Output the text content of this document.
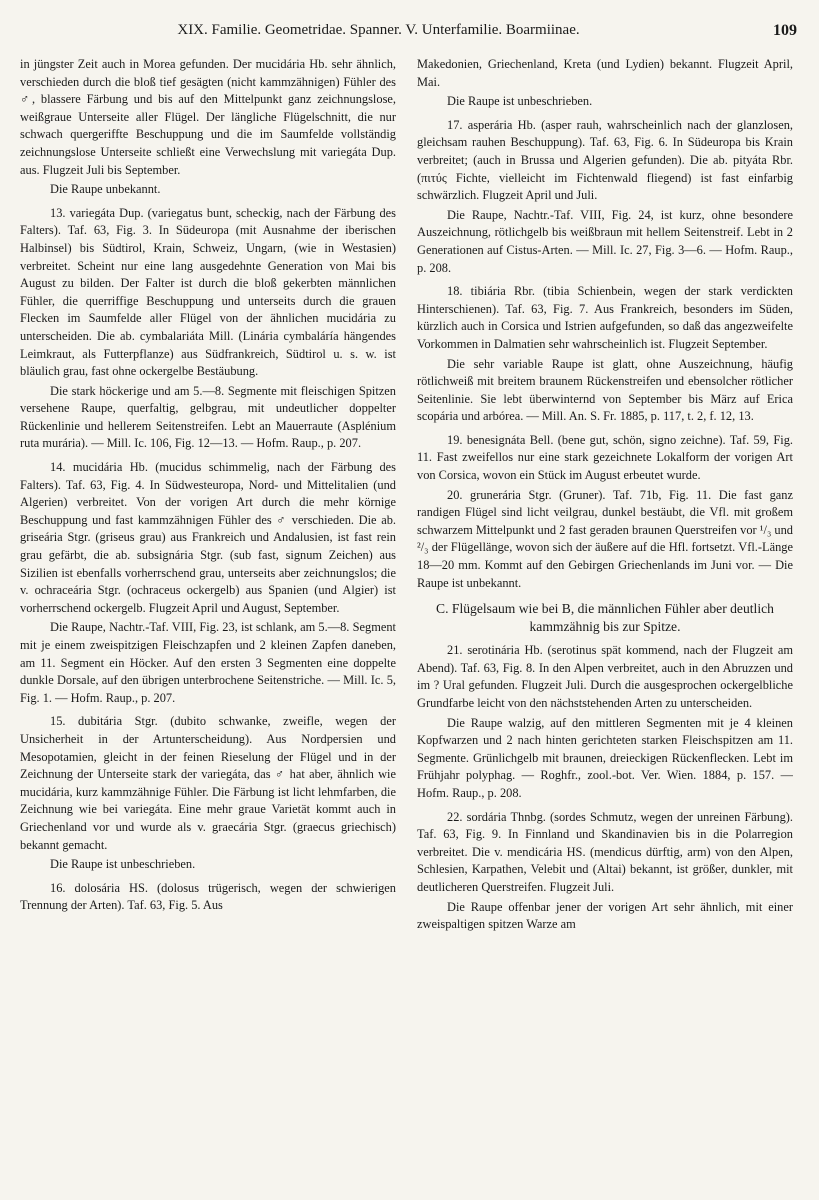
XIX. Familie. Geometridae. Spanner. V. Unterfamilie. Boarmiinae.	109

in jüngster Zeit auch in Morea gefunden. Der mucidária Hb. sehr ähnlich, verschieden durch die bloß tief gesägten (nicht kammzähnigen) Fühler des ♂, blassere Färbung und bis auf den Mittelpunkt ganz zeichnungslose, weißgraue Unterseite aller Flügel. Der längliche Flügelschnitt, die nur schwach quergeriffte Beschuppung und die im Saumfelde vollständig zeichnungslose Unterseite schließt eine Verwechslung mit variegáta Dup. aus. Flugzeit Juli bis September.

Die Raupe unbekannt.

13. variegáta Dup. (variegatus bunt, scheckig, nach der Färbung des Falters). Taf. 63, Fig. 3. In Südeuropa (mit Ausnahme der iberischen Halbinsel) bis Südtirol, Krain, Schweiz, Ungarn, (wie in Westasien) verbreitet. Scheint nur eine lang ausgedehnte Generation von Mai bis August zu bilden. Der Falter ist durch die bloß gekerbten männlichen Fühler, die querriffige Beschuppung und unterseits durch die grauen Flecken im Saumfelde aller Flügel von der ähnlichen mucidária zu unterscheiden. Die ab. cymbalariáta Mill. (Linária cymbaláría hängendes Leimkraut, als Futterpflanze) aus Südfrankreich, Südtirol u. s. w. ist bläulich grau, fast ohne ockergelbe Bestäubung.

Die stark höckerige und am 5.—8. Segmente mit fleischigen Spitzen versehene Raupe, querfaltig, gelbgrau, mit undeutlicher doppelter Rückenlinie und hellerem Seitenstreifen. Lebt an Mauerraute (Asplénium ruta murária). — Mill. Ic. 106, Fig. 12—13. — Hofm. Raup., p. 207.

14. mucidária Hb. (mucidus schimmelig, nach der Färbung des Falters). Taf. 63, Fig. 4. In Südwesteuropa, Nord- und Mittelitalien (und Algerien) verbreitet. Von der vorigen Art durch die mehr körnige Beschuppung und fast kammzähnigen Fühler des ♂ verschieden. Die ab. griseária Stgr. (griseus grau) aus Frankreich und Andalusien, ist fast rein grau gefärbt, die ab. subsignária Stgr. (sub fast, signum Zeichen) aus Sizilien ist ebenfalls vorherrschend grau, unterseits aber zeichnungslos; die v. ochraceária Stgr. (ochraceus ockergelb) aus Spanien (und Algier) ist vorherrschend ockergelb. Flugzeit April und August, September.

Die Raupe, Nachtr.-Taf. VIII, Fig. 23, ist schlank, am 5.—8. Segment mit je einem zweispitzigen Fleischzapfen und 2 kleinen Zapfen daneben, am 11. Segment ein Höcker. Auf den ersten 3 Segmenten eine doppelte dunkle Dorsale, auf den übrigen unterbrochene Seitenstriche. — Mill. Ic. 5, Fig. 1. — Hofm. Raup., p. 207.

15. dubitária Stgr. (dubito schwanke, zweifle, wegen der Unsicherheit in der Artunterscheidung). Aus Nordpersien und Mesopotamien, gleicht in der feinen Rieselung der Flügel und in der Zeichnung der Unterseite stark der variegáta, das ♂ hat aber, ähnlich wie mucidária, kurz kammzähnige Fühler. Die Färbung ist licht lehmfarben, die Zeichnung wie bei variegáta. Eine mehr graue Varietät kommt auch in Griechenland vor und wurde als v. graecária Stgr. (graecus griechisch) bekannt gemacht.

Die Raupe ist unbeschrieben.

16. dolosária HS. (dolosus trügerisch, wegen der schwierigen Trennung der Arten). Taf. 63, Fig. 5. Aus

Makedonien, Griechenland, Kreta (und Lydien) bekannt. Flugzeit April, Mai.

Die Raupe ist unbeschrieben.

17. asperária Hb. (asper rauh, wahrscheinlich nach der glanzlosen, gleichsam rauhen Beschuppung). Taf. 63, Fig. 6. In Südeuropa bis Krain verbreitet; (auch in Brussa und Algerien gefunden). Die ab. pityáta Rbr. (πιτύς Fichte, vielleicht im Fichtenwald fliegend) ist fast einfarbig schwärzlich. Flugzeit April und Juli.

Die Raupe, Nachtr.-Taf. VIII, Fig. 24, ist kurz, ohne besondere Auszeichnung, rötlichgelb bis weißbraun mit hellem Seitenstreif. Lebt in 2 Generationen auf Cistus-Arten. — Mill. Ic. 27, Fig. 3—6. — Hofm. Raup., p. 208.

18. tibiária Rbr. (tibia Schienbein, wegen der stark verdickten Hinterschienen). Taf. 63, Fig. 7. Aus Frankreich, besonders im Süden, kürzlich auch in Corsica und Istrien aufgefunden, so daß das angezweifelte Vorkommen in Dalmatien sehr wahrscheinlich ist. Flugzeit September.

Die sehr variable Raupe ist glatt, ohne Auszeichnung, häufig rötlichweiß mit breitem braunem Rückenstreifen und ebensolcher rötlicher Seitenlinie. Sie lebt überwinternd von September bis März auf Erica scopária und arbórea. — Mill. An. S. Fr. 1885, p. 117, t. 2, f. 12, 13.

19. benesignáta Bell. (bene gut, schön, signo zeichne). Taf. 59, Fig. 11. Fast zweifellos nur eine stark gezeichnete Lokalform der vorigen Art von Corsica, wovon ein Stück im August erbeutet wurde.

20. grunerária Stgr. (Gruner). Taf. 71b, Fig. 11. Die fast ganz randigen Flügel sind licht veilgrau, dunkel bestäubt, die Vfl. mit großem schwarzem Mittelpunkt und 2 fast geraden braunen Querstreifen vor ¹/₃ und ²/₃ der Flügellänge, wovon sich der äußere auf die Hfl. fortsetzt. Vfl.-Länge 18—20 mm. Kommt auf den Gebirgen Griechenlands im Juni vor. — Die Raupe ist unbekannt.

C. Flügelsaum wie bei B, die männlichen Fühler aber deutlich kammzähnig bis zur Spitze.

21. serotinária Hb. (serotinus spät kommend, nach der Flugzeit am Abend). Taf. 63, Fig. 8. In den Alpen verbreitet, auch in den Abruzzen und im ? Ural gefunden. Flugzeit Juli. Durch die ausgesprochen ockergelbliche Grundfarbe leicht von den nächststehenden Arten zu unterscheiden.

Die Raupe walzig, auf den mittleren Segmenten mit je 4 kleinen Kopfwarzen und 2 nach hinten gerichteten starken Fleischspitzen am 11. Segmente. Grünlichgelb mit braunen, dreieckigen Rückenflecken. Lebt im Frühjahr polyphag. — Roghfr., zool.-bot. Ver. Wien. 1884, p. 157. — Hofm. Raup., p. 208.

22. sordária Thnbg. (sordes Schmutz, wegen der unreinen Färbung). Taf. 63, Fig. 9. In Finnland und Skandinavien bis in die Polarregion verbreitet. Die v. mendicária HS. (mendicus dürftig, arm) von den Alpen, Schlesien, Karpathen, Velebit und (Altai) bekannt, ist größer, dunkler, mit deutlicheren Querstreifen. Flugzeit Juli.

Die Raupe offenbar jener der vorigen Art sehr ähnlich, mit einer zweispaltigen spitzen Warze am
